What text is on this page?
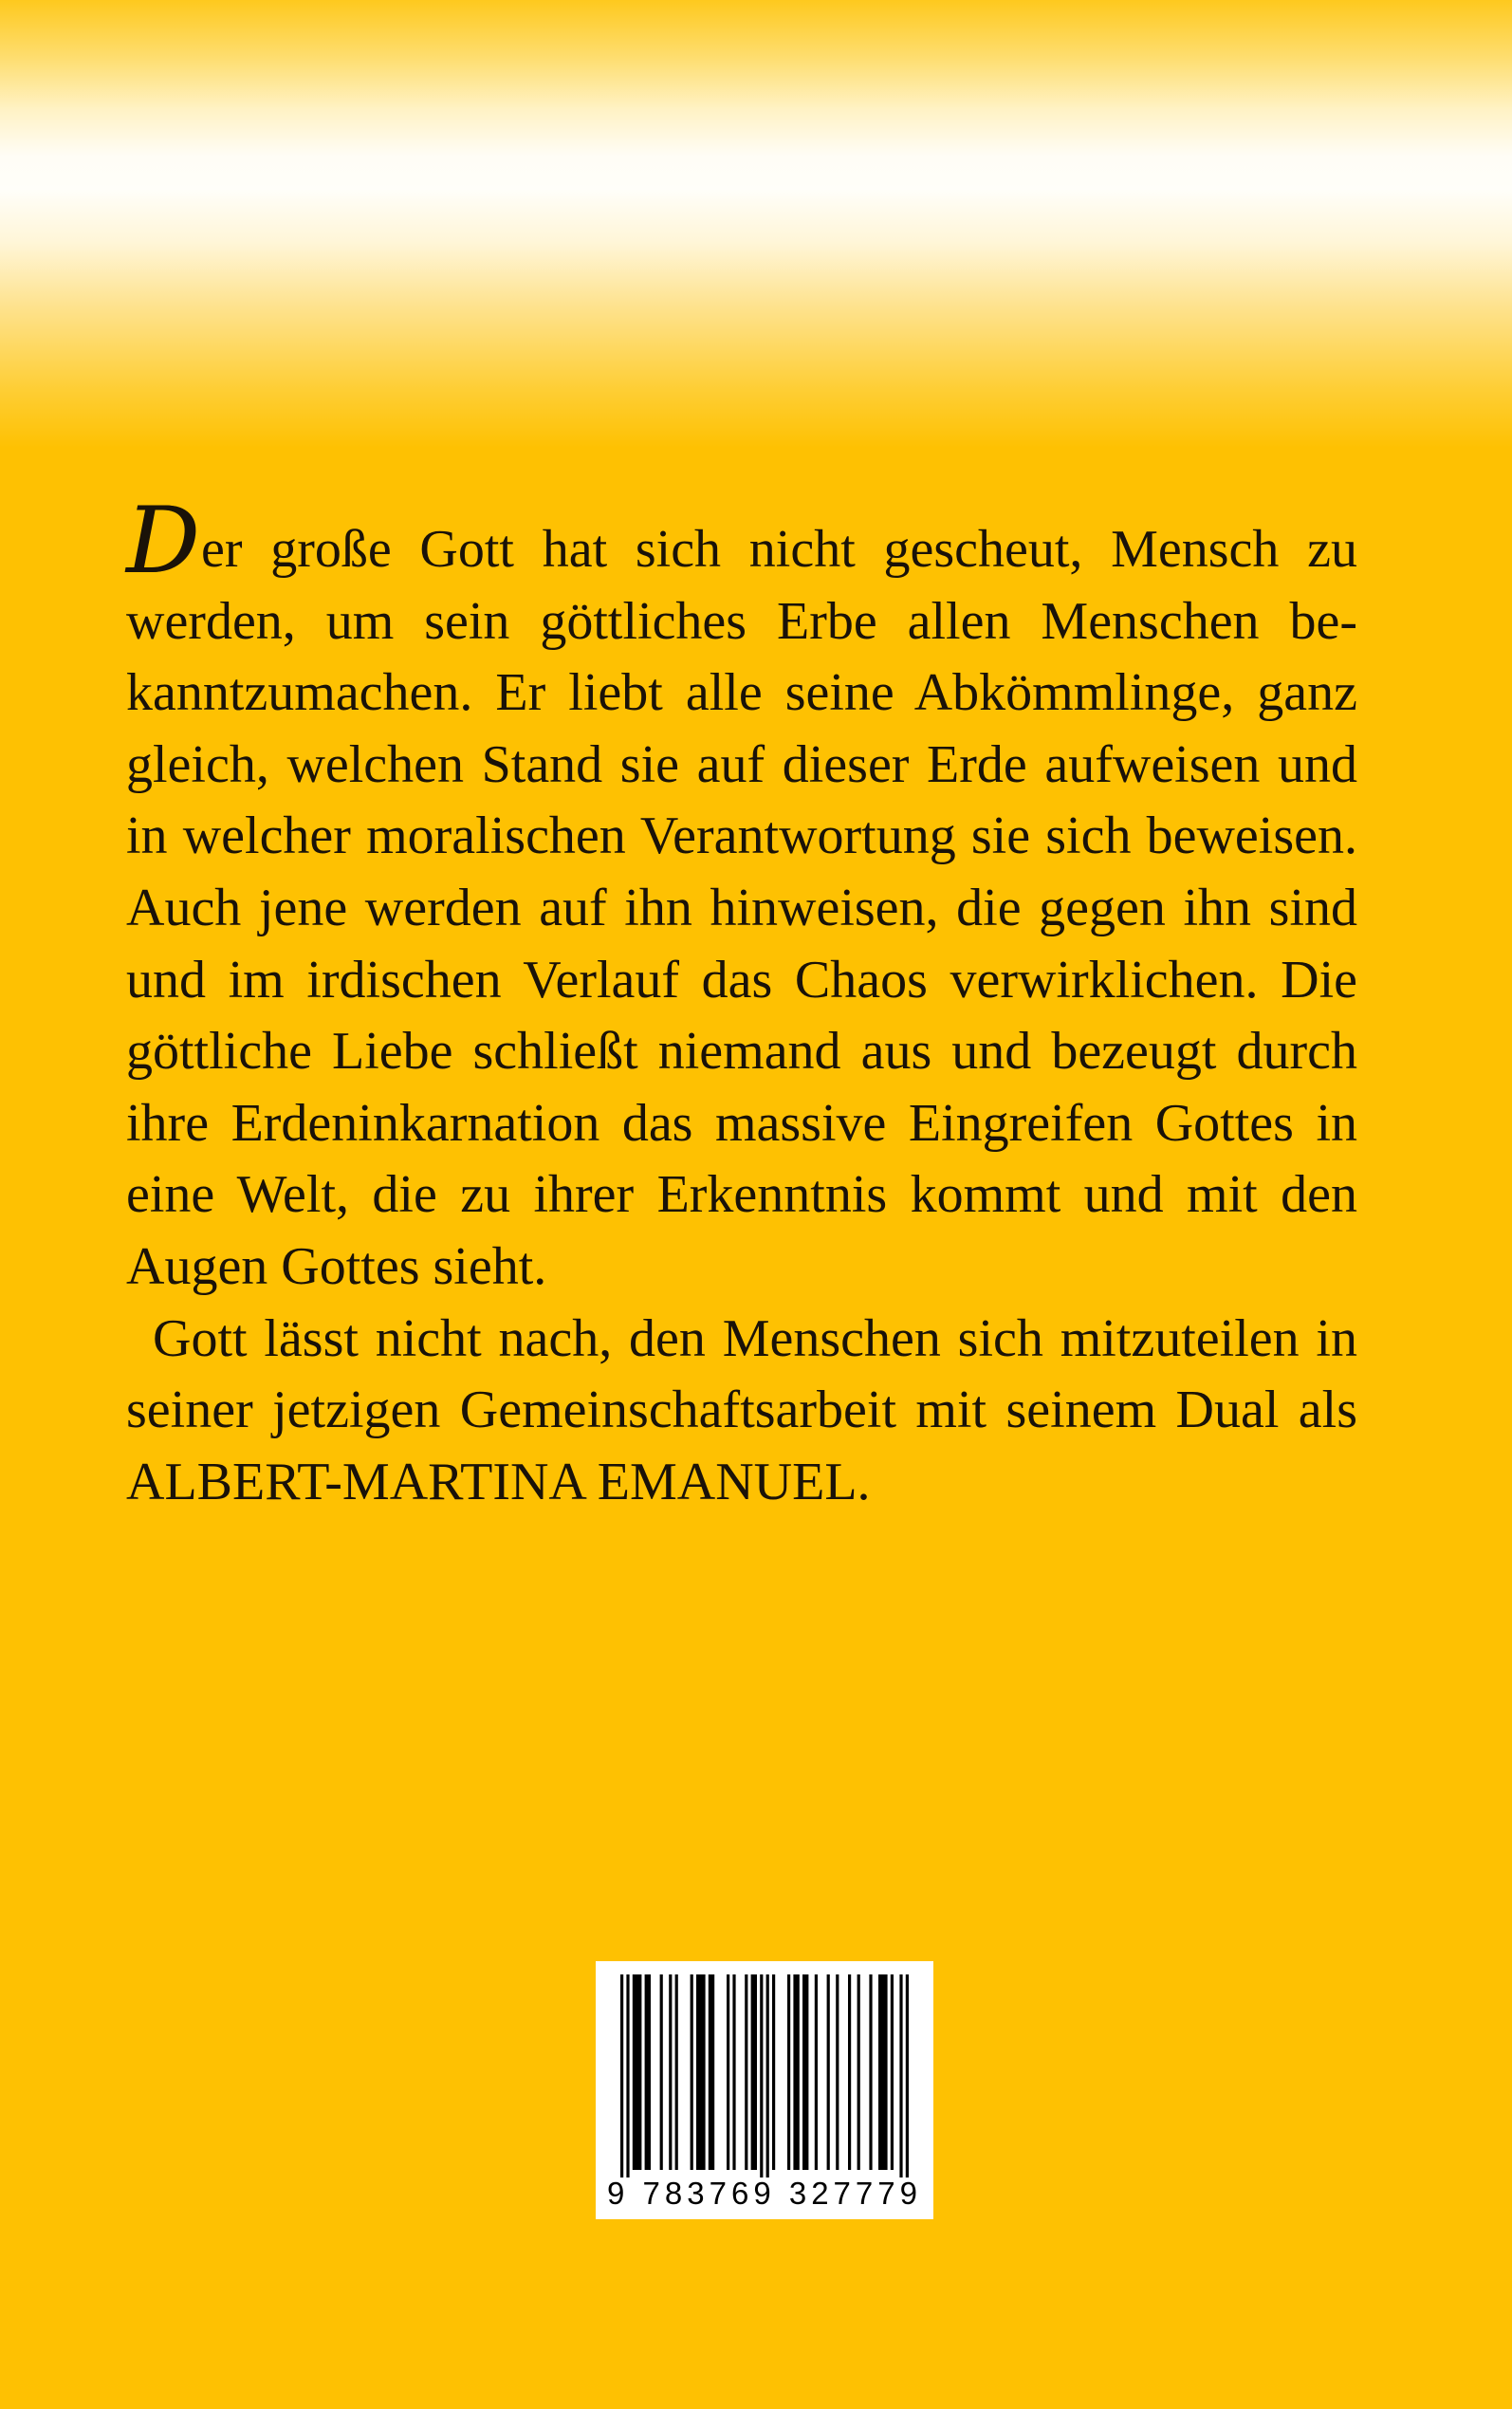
Der große Gott hat sich nicht gescheut, Mensch zu werden, um sein göttliches Erbe allen Menschen bekanntzumachen. Er liebt alle seine Abkömmlinge, ganz gleich, welchen Stand sie auf dieser Erde aufweisen und in welcher moralischen Verantwortung sie sich beweisen. Auch jene werden auf ihn hinweisen, die gegen ihn sind und im irdischen Verlauf das Chaos verwirklichen. Die göttliche Liebe schließt niemand aus und bezeugt durch ihre Erdeninkarnation das massive Eingreifen Gottes in eine Welt, die zu ihrer Erkenntnis kommt und mit den Augen Gottes sieht.

Gott lässt nicht nach, den Menschen sich mitzuteilen in seiner jetzigen Gemeinschaftsarbeit mit seinem Dual als ALBERT-MARTINA EMANUEL.

9 783769 327779
